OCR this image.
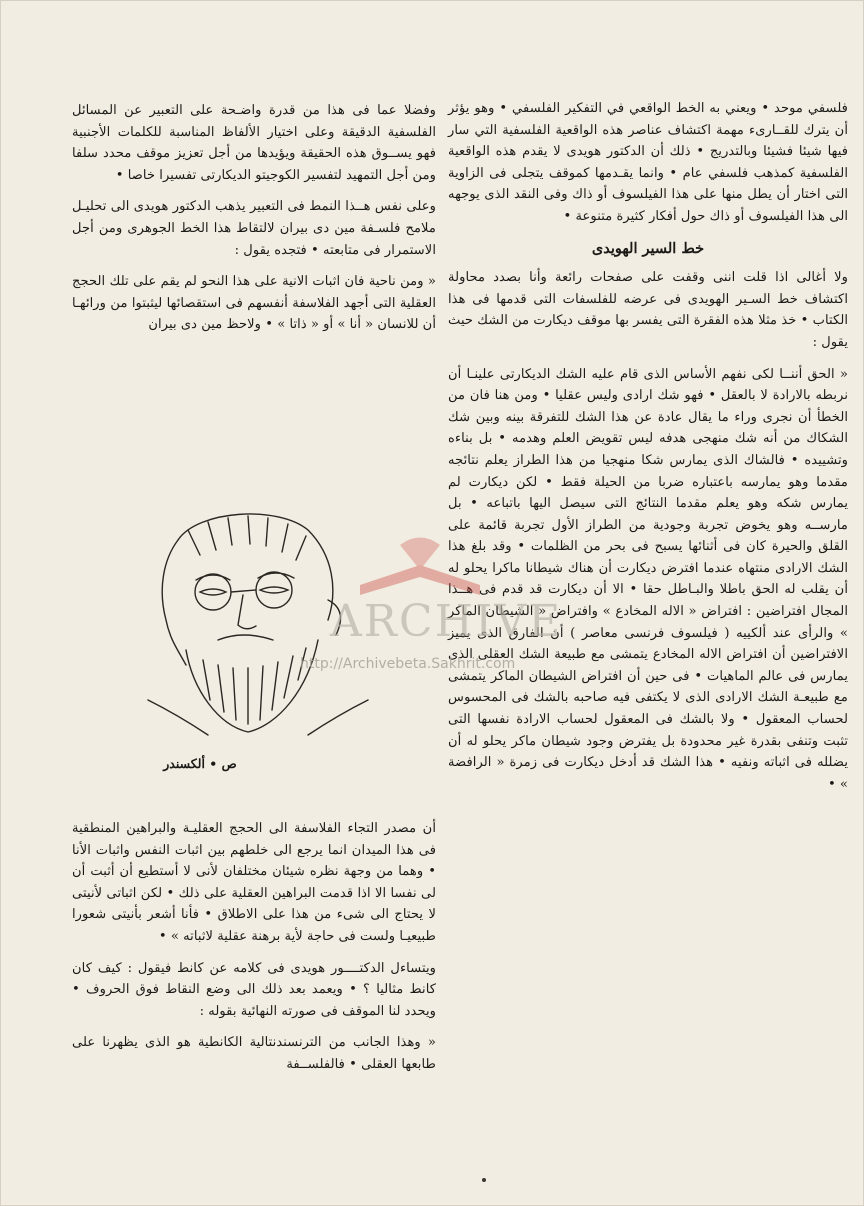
فلسفي موحد • ويعني به الخط الواقعي في التفكير الفلسفي • وهو يؤثر أن يترك للقــارىء مهمة اكتشاف عناصر هذه الواقعية الفلسفية التي سار فيها شيئا فشيئا وبالتدريج • ذلك أن الدكتور هويدى لا يقدم هذه الواقعية الفلسفية كمذهب فلسفي عام • وانما يقـدمها كموقف يتجلى فى الزاوية التى اختار أن يطل منها على هذا الفيلسوف أو ذاك وفى النقد الذى يوجهه الى هذا الفيلسوف أو ذاك حول أفكار كثيرة متنوعة •

خط السير الهويدى

ولا أغالى اذا قلت اننى وقفت على صفحات رائعة وأنا بصدد محاولة اكتشاف خط السـير الهويدى فى عرضه للفلسفات التى قدمها فى هذا الكتاب • خذ مثلا هذه الفقرة التى يفسر بها موقف ديكارت من الشك حيث يقول :

« الحق أننــا لكى نفهم الأساس الذى قام عليه الشك الديكارتى علينـا أن نربطه بالارادة لا بالعقل • فهو شك ارادى وليس عقليا • ومن هنا فان من الخطأ أن نجرى وراء ما يقال عادة عن هذا الشك للتفرقة بينه وبين شك الشكاك من أنه شك منهجى هدفه ليس تقويض العلم وهدمه • بل بناءه وتشييده • فالشاك الذى يمارس شكا منهجيا من هذا الطراز يعلم نتائجه مقدما وهو يمارسه باعتباره ضربا من الحيلة فقط • لكن ديكارت لم يمارس شكه وهو يعلم مقدما النتائج التى سيصل اليها باتباعه • بل مارســه وهو يخوض تجربة وجودية من الطراز الأول تجربة قائمة على القلق والحيرة كان فى أثنائها يسبح فى بحر من الظلمات • وقد بلغ هذا الشك الارادى منتهاه عندما افترض ديكارت أن هناك شيطانا ماكرا يحلو له أن يقلب له الحق باطلا والبـاطل حقا • الا أن ديكارت قد قدم فى هــذا المجال افتراضين : افتراض « الاله المخادع » وافتراض « الشيطان الماكر » والرأى عند ألكييه ( فيلسوف فرنسى معاصر ) أن الفارق الذى يميز الافتراضين أن افتراض الاله المخادع يتمشى مع طبيعة الشك العقلى الذى يمارس فى عالم الماهيات • فى حين أن افتراض الشيطان الماكر يتمشى مع طبيعـة الشك الارادى الذى لا يكتفى فيه صاحبه بالشك فى المحسوس لحساب المعقول • ولا بالشك فى المعقول لحساب الارادة نفسها التى تثبت وتنفى بقدرة غير محدودة بل يفترض وجود شيطان ماكر يحلو له أن يضلله فى اثباته ونفيه • هذا الشك قد أدخل ديكارت فى زمرة « الرافضة » •

وفضلا عما فى هذا من قدرة واضـحة على التعبير عن المسائل الفلسفية الدقيقة وعلى اختيار الألفاظ المناسبة للكلمات الأجنبية فهو يســوق هذه الحقيقة ويؤيدها من أجل تعزيز موقف محدد سلفا ومن أجل التمهيد لتفسير الكوجيتو الديكارتى تفسيرا خاصا •

وعلى نفس هــذا النمط فى التعبير يذهب الدكتور هويدى الى تحليـل ملامح فلسـفة مين دى بيران لالتقاط هذا الخط الجوهرى ومن أجل الاستمرار فى متابعته • فتجده يقول :

« ومن ناحية فان اثبات الانية على هذا النحو لم يقم على تلك الحجج العقلية التى أجهد الفلاسفة أنفسهم فى استقصائها ليثبتوا من ورائهـا أن للانسان « أنا » أو « ذاتا » • ولاحظ مين دى بيران

ARCHIVE
http://Archivebeta.Sakhrit.com
ص • ألكسندر

أن مصدر التجاء الفلاسفة الى الحجج العقليـة والبراهين المنطقية فى هذا الميدان انما يرجع الى خلطهم بين اثبات النفس واثبات الأنا • وهما من وجهة نظره شيئان مختلفان لأنى لا أستطيع أن أثبت أن لى نفسا الا اذا قدمت البراهين العقلية على ذلك • لكن اثباتى لأنيتى لا يحتاج الى شىء من هذا على الاطلاق • فأنا أشعر بأنيتى شعورا طبيعيـا ولست فى حاجة لأية برهنة عقلية لاثباته » •

ويتساءل الدكتــــور هويدى فى كلامه عن كانط فيقول : كيف كان كانط مثاليا ؟ • ويعمد بعد ذلك الى وضع النقاط فوق الحروف • ويحدد لنا الموقف فى صورته النهائية بقوله :

« وهذا الجانب من الترنسندنتالية الكانطية هو الذى يظهرنا على طابعها العقلى • فالفلســفة
